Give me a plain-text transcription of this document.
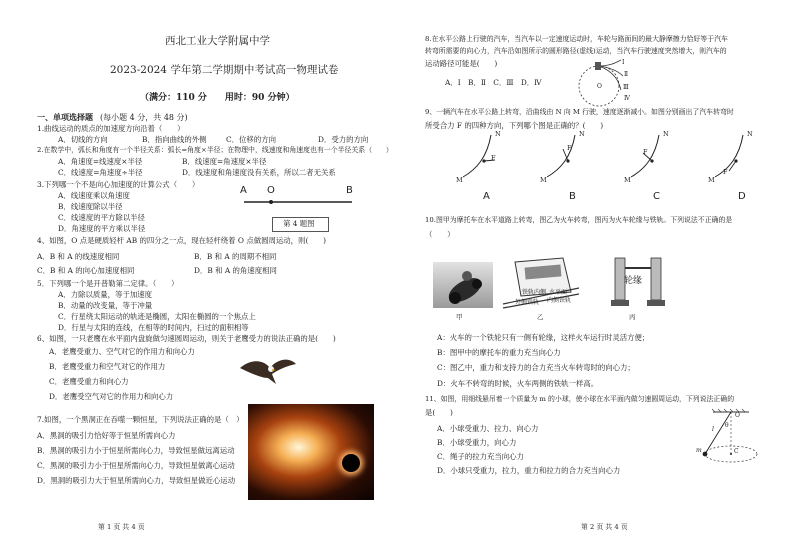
西北工业大学附属中学
2023-2024 学年第二学期期中考试高一物理试卷
（满分：110 分　　用时：90 分钟）
一、单项选择题 (每小题 4 分，共 48 分)
1.曲线运动的质点的加速度方向沿着（　　）
A．切线的方向	B．指向曲线的外侧	C．位移的方向	D．受力的方向
2.在数学中，弧长和角度有一个半径关系：弧长=角度×半径；在物理中，线速度和角速度也有一个半径关系（　　）
A．角速度=线速度×半径	B．线速度=角速度×半径
C．线速度=角速度÷半径	D．线速度和角速度没有关系，所以二者无关系
3.下列哪一个不是向心加速度的计算公式（　　）
A．线速度乘以角速度
B．线速度除以半径
C．线速度的平方除以半径
D．角速度的平方乘以半径
A O	B
第 4 题图
4、如图，O 点是硬质轻杆 AB 的四分之一点，现在轻杆绕着 O 点做圆周运动，则(　　)
A．B 和 A 的线速度相同	B．B 和 A 的周期不相同
C．B 和 A 的向心加速度相同	D．B 和 A 的角速度相同
5．下列哪一个是开普勒第二定律。（　　）
A．力除以质量，等于加速度
B．动量的改变量，等于冲量
C．行星绕太阳运动的轨迹是椭圆，太阳在椭圆的一个焦点上
D．行星与太阳的连线，在相等的时间内，扫过的面积相等
6、如图，一只老鹰在水平面内盘旋做匀速圆周运动，则关于老鹰受力的说法正确的是(　　)
A．老鹰受重力、空气对它的作用力和向心力
B．老鹰受重力和空气对它的作用力
C．老鹰受重力和向心力
D．老鹰受空气对它的作用力和向心力
7.如图，一个黑洞正在吞噬一颗恒星，下列说法正确的是（　）
A．黑洞的吸引力恰好等于恒星所需向心力
B．黑洞的吸引力小于恒星所需向心力，导致恒星做远离运动
C．黑洞的吸引力小于恒星所需向心力，导致恒星做离心运动
D．黑洞的吸引力大于恒星所需向心力，导致恒星做近心运动
第 1 页 共 4 页
8.在水平公路上行驶的汽车，当汽车以一定速度运动时，车轮与路面间的最大静摩擦力恰好等于汽车
转弯所需要的向心力，汽车沿如图所示的圆形路径(虚线)运动，当汽车行驶速度突然增大，则汽车的
运动路径可能是(　　)
A．Ⅰ　B．Ⅱ　C．Ⅲ　D．Ⅳ	O
Ⅰ
Ⅱ
Ⅲ
Ⅳ
9、一辆汽车在水平公路上转弯，沿曲线由 N 向 M 行驶，速度逐渐减小。如图分别画出了汽车转弯时
所受合力 F 的四种方向，下列哪个图是正确的？(　　)
N
M
F
N
M
F
N
M
F
N
M
F
A	B	C	D
10.图甲为摩托车在水平道路上转弯，图乙为火车转弯，图丙为火车轮缘与铁轨。下列说法不正确的是
（　　）
铁轨内侧
外侧铁轨
水平面
内侧铁轨
轮缘
甲	乙	丙
A：火车的一个铁轮只有一侧有轮缘，这样火车运行时灵活方便；
B：图甲中的摩托车的重力充当向心力
C：图乙中，重力和支持力的合力充当火车转弯时的向心力；
D：火车不转弯的时候，火车两侧的铁轨一样高。
11、如图，用细线悬吊着一个质量为 m 的小球，使小球在水平面内做匀速圆周运动，下列说法正确的
是(　　)
A．小球受重力、拉力、向心力
B．小球受重力，向心力
C．绳子的拉力充当向心力
D．小球只受重力，拉力，重力和拉力的合力充当向心力
O
l
θ
C
m
第 2 页 共 4 页
